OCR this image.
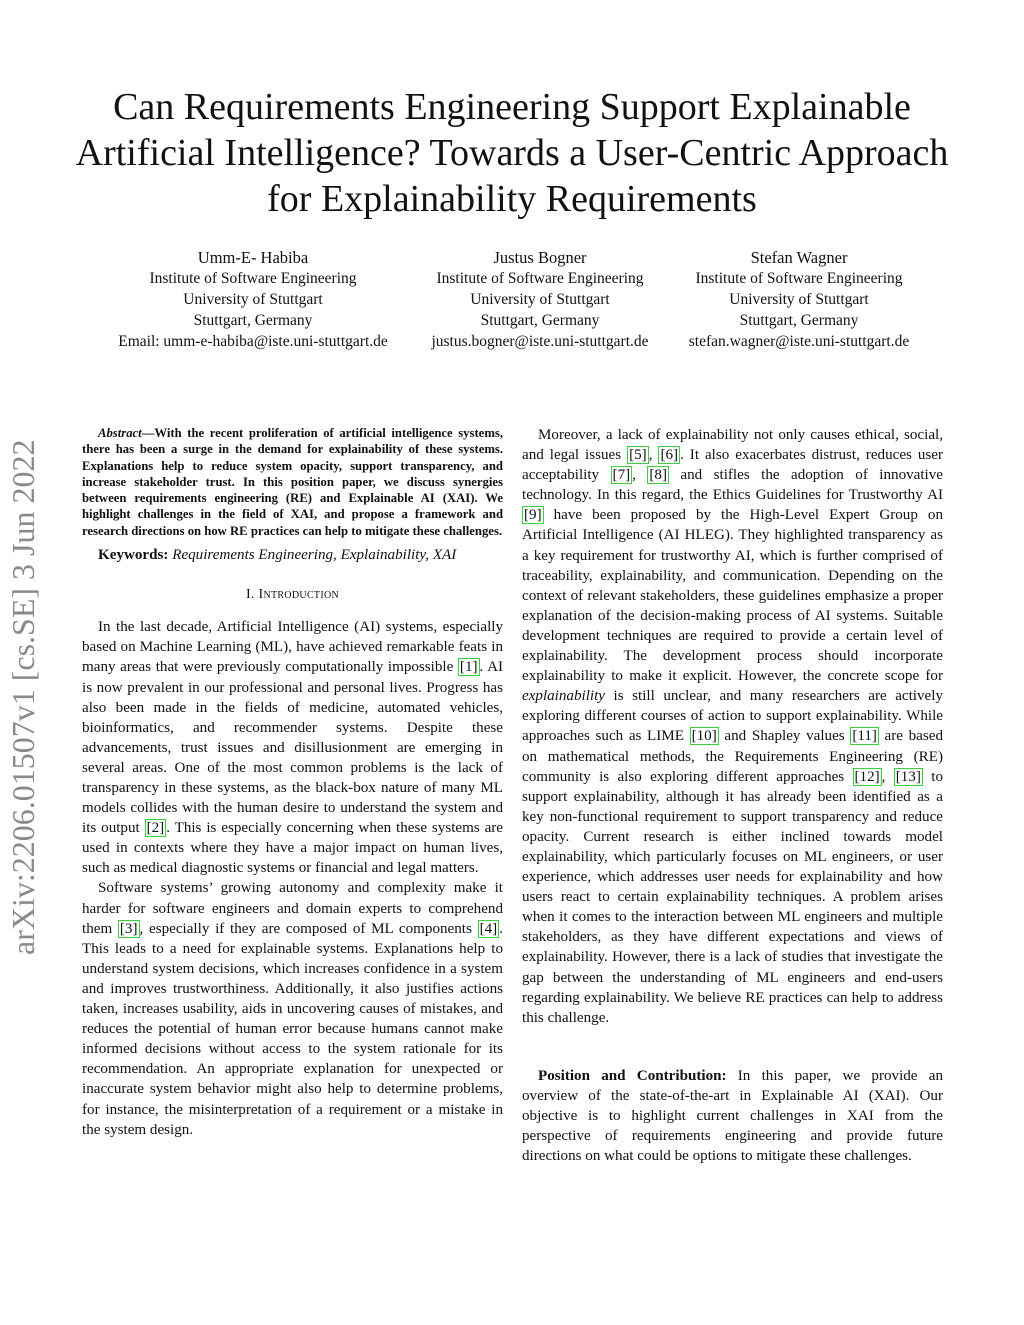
arXiv:2206.01507v1 [cs.SE] 3 Jun 2022
Can Requirements Engineering Support Explainable Artificial Intelligence? Towards a User-Centric Approach for Explainability Requirements
Umm-E- Habiba
Institute of Software Engineering
University of Stuttgart
Stuttgart, Germany
Email: umm-e-habiba@iste.uni-stuttgart.de
Justus Bogner
Institute of Software Engineering
University of Stuttgart
Stuttgart, Germany
justus.bogner@iste.uni-stuttgart.de
Stefan Wagner
Institute of Software Engineering
University of Stuttgart
Stuttgart, Germany
stefan.wagner@iste.uni-stuttgart.de

Abstract—With the recent proliferation of artificial intelligence systems, there has been a surge in the demand for explainability of these systems. Explanations help to reduce system opacity, support transparency, and increase stakeholder trust. In this position paper, we discuss synergies between requirements engineering (RE) and Explainable AI (XAI). We highlight challenges in the field of XAI, and propose a framework and research directions on how RE practices can help to mitigate these challenges.

Keywords: Requirements Engineering, Explainability, XAI

I. Introduction

In the last decade, Artificial Intelligence (AI) systems, especially based on Machine Learning (ML), have achieved remarkable feats in many areas that were previously computationally impossible [1] . AI is now prevalent in our professional and personal lives. Progress has also been made in the fields of medicine, automated vehicles, bioinformatics, and recommender systems. Despite these advancements, trust issues and disillusionment are emerging in several areas. One of the most common problems is the lack of transparency in these systems, as the black-box nature of many ML models collides with the human desire to understand the system and its output [2] . This is especially concerning when these systems are used in contexts where they have a major impact on human lives, such as medical diagnostic systems or financial and legal matters.

Software systems’ growing autonomy and complexity make it harder for software engineers and domain experts to comprehend them [3] , especially if they are composed of ML components [4] . This leads to a need for explainable systems. Explanations help to understand system decisions, which increases confidence in a system and improves trustworthiness. Additionally, it also justifies actions taken, increases usability, aids in uncovering causes of mistakes, and reduces the potential of human error because humans cannot make informed decisions without access to the system rationale for its recommendation. An appropriate explanation for unexpected or inaccurate system behavior might also help to determine problems, for instance, the misinterpretation of a requirement or a mistake in the system design.

Moreover, a lack of explainability not only causes ethical, social, and legal issues [5] , [6] . It also exacerbates distrust, reduces user acceptability [7] , [8] and stifles the adoption of innovative technology. In this regard, the Ethics Guidelines for Trustworthy AI [9] have been proposed by the High-Level Expert Group on Artificial Intelligence (AI HLEG). They highlighted transparency as a key requirement for trustworthy AI, which is further comprised of traceability, explainability, and communication. Depending on the context of relevant stakeholders, these guidelines emphasize a proper explanation of the decision-making process of AI systems. Suitable development techniques are required to provide a certain level of explainability. The development process should incorporate explainability to make it explicit. However, the concrete scope for explainability is still unclear, and many researchers are actively exploring different courses of action to support explainability. While approaches such as LIME [10] and Shapley values [11] are based on mathematical methods, the Requirements Engineering (RE) community is also exploring different approaches [12] , [13] to support explainability, although it has already been identified as a key non-functional requirement to support transparency and reduce opacity. Current research is either inclined towards model explainability, which particularly focuses on ML engineers, or user experience, which addresses user needs for explainability and how users react to certain explainability techniques. A problem arises when it comes to the interaction between ML engineers and multiple stakeholders, as they have different expectations and views of explainability. However, there is a lack of studies that investigate the gap between the understanding of ML engineers and end-users regarding explainability. We believe RE practices can help to address this challenge.

Position and Contribution: In this paper, we provide an overview of the state-of-the-art in Explainable AI (XAI). Our objective is to highlight current challenges in XAI from the perspective of requirements engineering and provide future directions on what could be options to mitigate these challenges.
